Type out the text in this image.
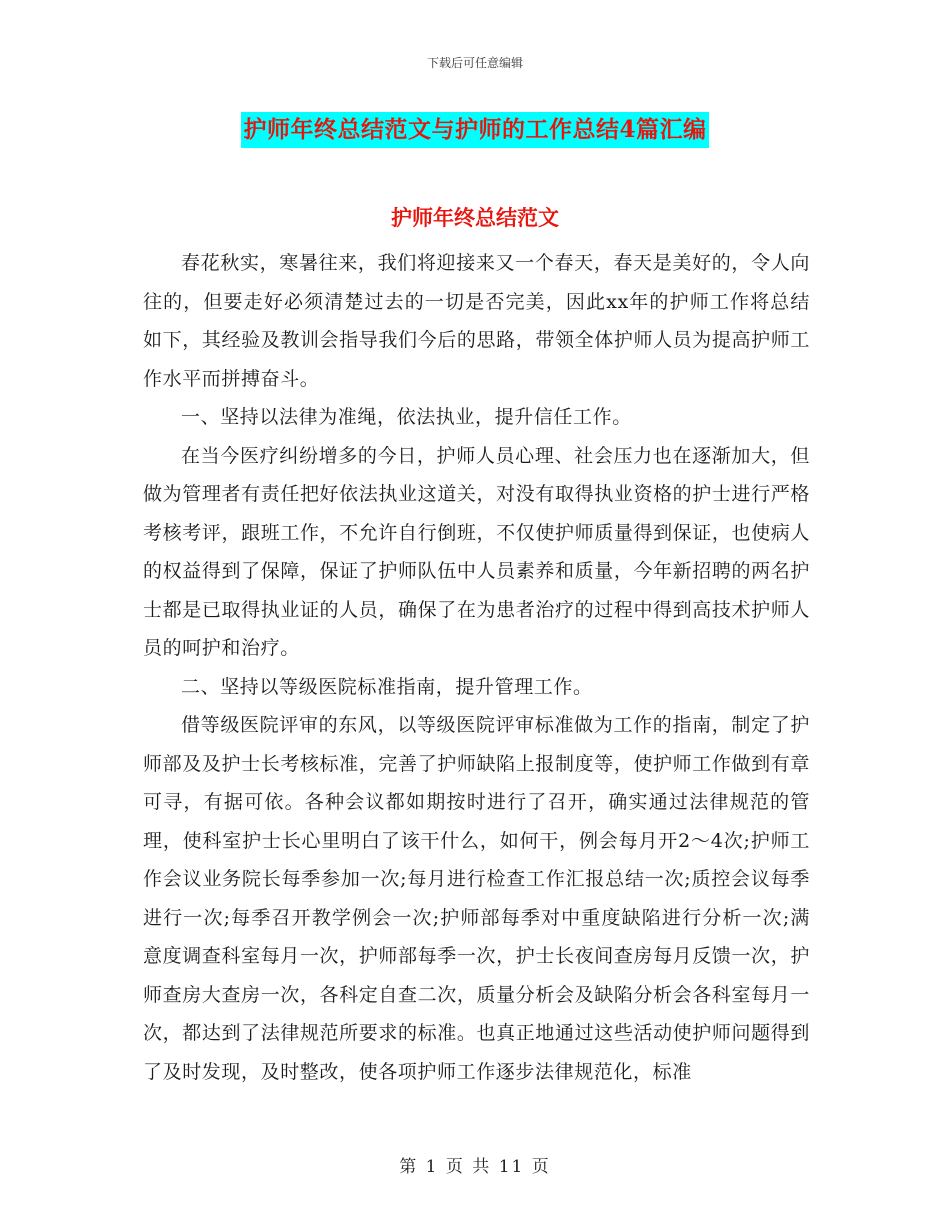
下载后可任意编辑
护师年终总结范文与护师的工作总结4篇汇编
护师年终总结范文

春花秋实，寒暑往来，我们将迎接来又一个春天，春天是美好的，令人向往的，但要走好必须清楚过去的一切是否完美，因此xx年的护师工作将总结如下，其经验及教训会指导我们今后的思路，带领全体护师人员为提高护师工作水平而拼搏奋斗。

一、坚持以法律为准绳，依法执业，提升信任工作。

在当今医疗纠纷增多的今日，护师人员心理、社会压力也在逐渐加大，但做为管理者有责任把好依法执业这道关，对没有取得执业资格的护士进行严格考核考评，跟班工作，不允许自行倒班，不仅使护师质量得到保证，也使病人的权益得到了保障，保证了护师队伍中人员素养和质量，今年新招聘的两名护士都是已取得执业证的人员，确保了在为患者治疗的过程中得到高技术护师人员的呵护和治疗。

二、坚持以等级医院标准指南，提升管理工作。

借等级医院评审的东风，以等级医院评审标准做为工作的指南，制定了护师部及及护士长考核标准，完善了护师缺陷上报制度等，使护师工作做到有章可寻，有据可依。各种会议都如期按时进行了召开，确实通过法律规范的管理，使科室护士长心里明白了该干什么，如何干，例会每月开2～4次;护师工作会议业务院长每季参加一次;每月进行检查工作汇报总结一次;质控会议每季进行一次;每季召开教学例会一次;护师部每季对中重度缺陷进行分析一次;满意度调查科室每月一次，护师部每季一次，护士长夜间查房每月反馈一次，护师查房大查房一次，各科定自查二次，质量分析会及缺陷分析会各科室每月一次，都达到了法律规范所要求的标准。也真正地通过这些活动使护师问题得到了及时发现，及时整改，使各项护师工作逐步法律规范化，标准

第 1 页 共 11 页
